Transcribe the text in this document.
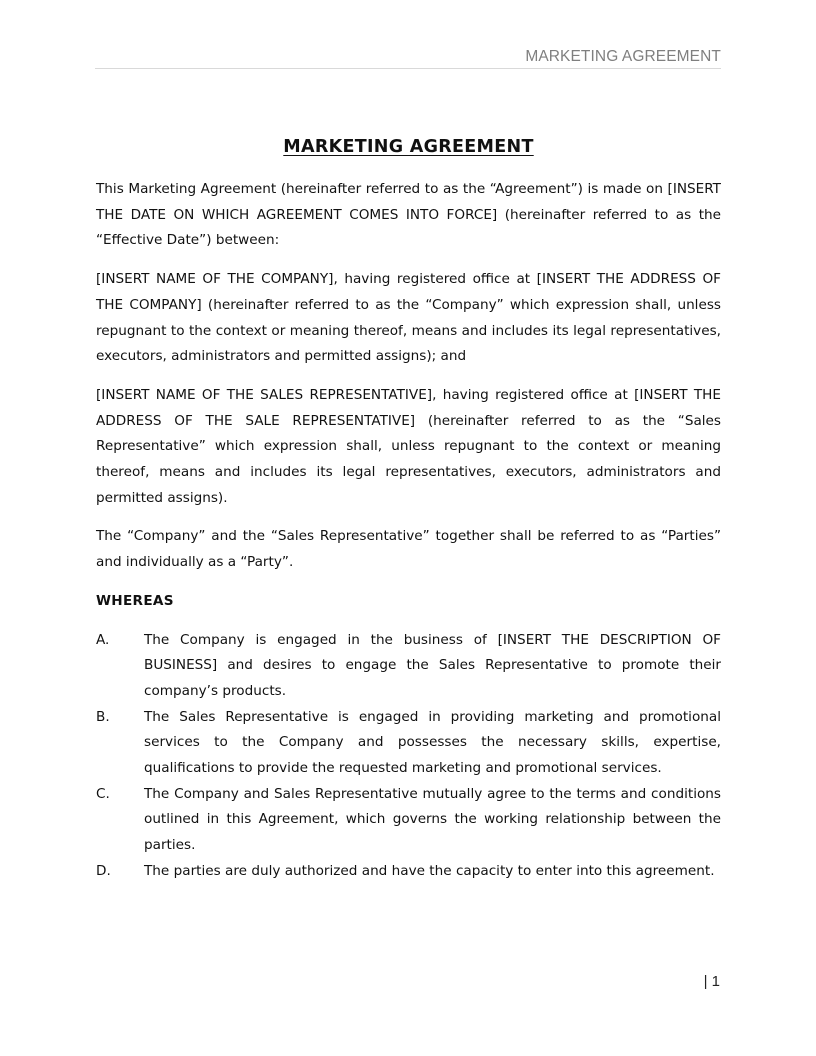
MARKETING AGREEMENT
MARKETING AGREEMENT

This Marketing Agreement (hereinafter referred to as the “Agreement”) is made on [INSERT THE DATE ON WHICH AGREEMENT COMES INTO FORCE] (hereinafter referred to as the “Effective Date”) between:

[INSERT NAME OF THE COMPANY], having registered office at [INSERT THE ADDRESS OF THE COMPANY] (hereinafter referred to as the “Company” which expression shall, unless repugnant to the context or meaning thereof, means and includes its legal representatives, executors, administrators and permitted assigns); and

[INSERT NAME OF THE SALES REPRESENTATIVE], having registered office at [INSERT THE ADDRESS OF THE SALE REPRESENTATIVE] (hereinafter referred to as the “Sales Representative” which expression shall, unless repugnant to the context or meaning thereof, means and includes its legal representatives, executors, administrators and permitted assigns).

The “Company” and the “Sales Representative” together shall be referred to as “Parties” and individually as a “Party”.

WHEREAS
A.	The Company is engaged in the business of [INSERT THE DESCRIPTION OF BUSINESS] and desires to engage the Sales Representative to promote their company’s products.
B.	The Sales Representative is engaged in providing marketing and promotional services to the Company and possesses the necessary skills, expertise, qualifications to provide the requested marketing and promotional services.
C.	The Company and Sales Representative mutually agree to the terms and conditions outlined in this Agreement, which governs the working relationship between the parties.
D. The parties are duly authorized and have the capacity to enter into this agreement.
| 1
